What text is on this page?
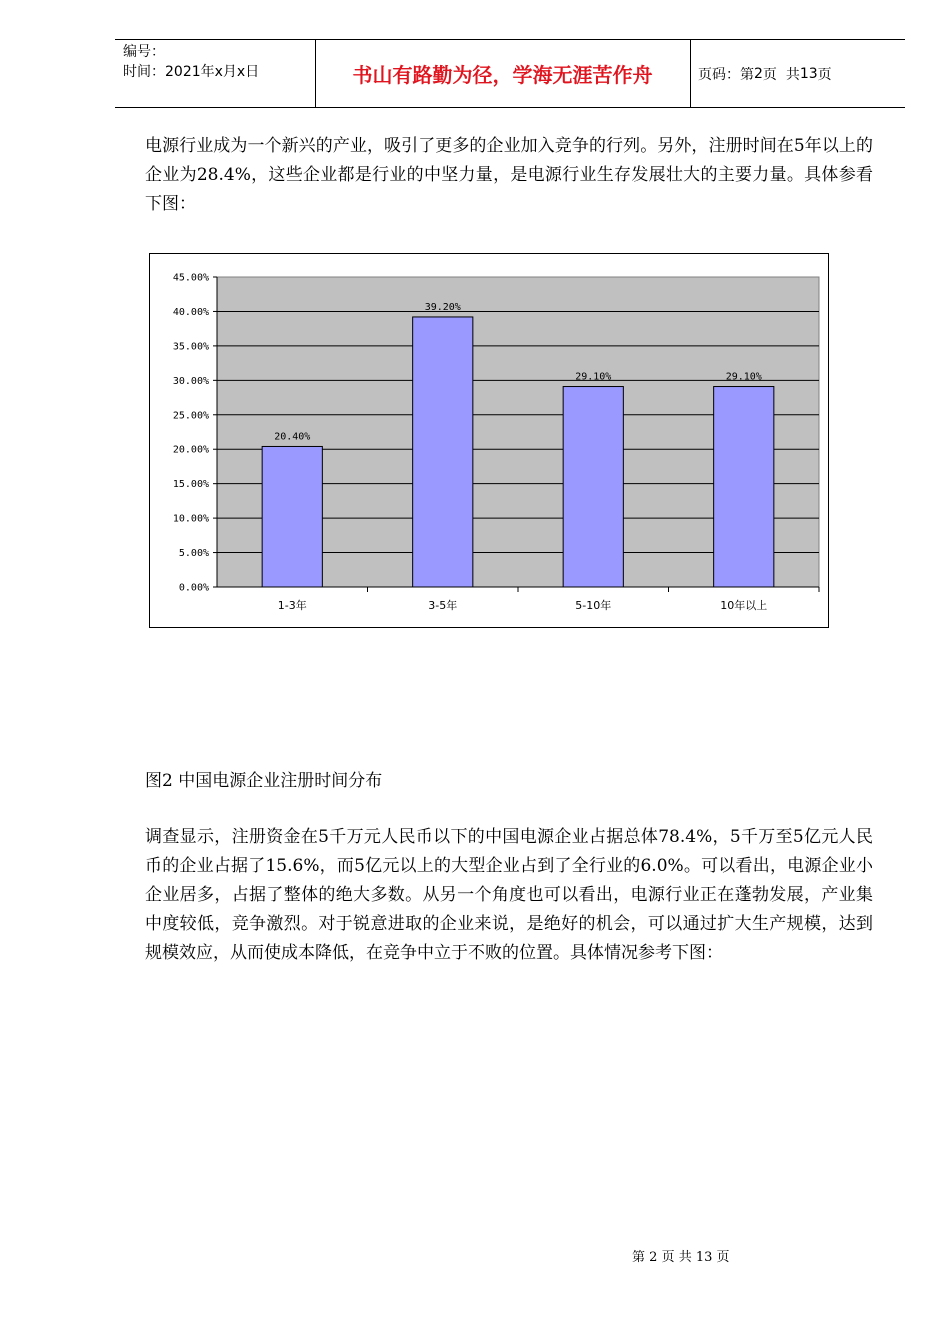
编号：
时间：2021年x月x日	书山有路勤为径，学海无涯苦作舟	页码：第 2 页  共 13 页
电源行业成为一个新兴的产业，吸引了更多的企业加入竞争的行列。另外，注册时间在5年以上的企业为28.4%，这些企业都是行业的中坚力量，是电源行业生存发展壮大的主要力量。具体参看下图：
0.00%
5.00%
10.00%
15.00%
20.00%
25.00%
30.00%
35.00%
40.00%
45.00%
20.40%
1-3年
39.20%
3-5年
29.10%
5-10年
29.10%
10年以上
图2 中国电源企业注册时间分布
调查显示，注册资金在5千万元人民币以下的中国电源企业占据总体78.4%，5千万至5亿元人民币的企业占据了15.6%，而5亿元以上的大型企业占到了全行业的6.0%。可以看出，电源企业小企业居多，占据了整体的绝大多数。从另一个角度也可以看出，电源行业正在蓬勃发展，产业集中度较低，竞争激烈。对于锐意进取的企业来说，是绝好的机会，可以通过扩大生产规模，达到规模效应，从而使成本降低，在竞争中立于不败的位置。具体情况参考下图：
第 2 页 共 13 页
